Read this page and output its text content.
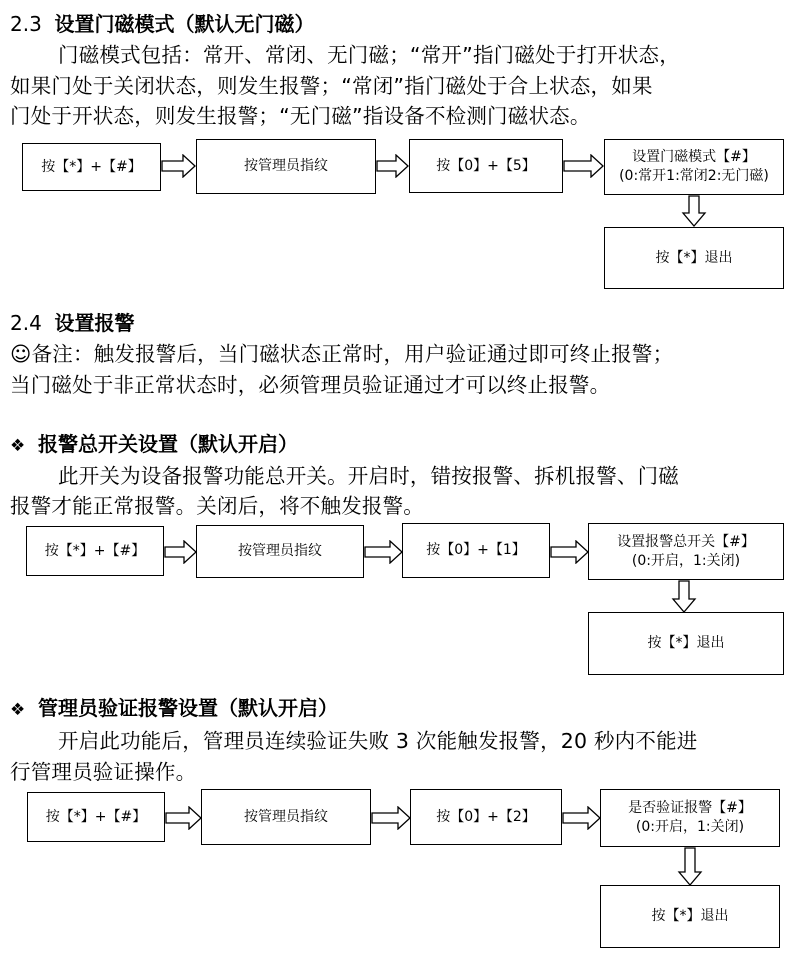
2.3 设置门磁模式（默认无门磁）
门磁模式包括：常开、常闭、无门磁；“常开”指门磁处于打开状态，
如果门处于关闭状态，则发生报警；“常闭”指门磁处于合上状态，如果
门处于开状态，则发生报警；“无门磁”指设备不检测门磁状态。
按【*】+【#】	按管理员指纹	按【0】+【5】
设置门磁模式【#】
(0:常开1:常闭2:无门磁)
按【*】退出
2.4 设置报警
☺备注：触发报警后，当门磁状态正常时，用户验证通过即可终止报警；
当门磁处于非正常状态时，必须管理员验证通过才可以终止报警。
❖ 报警总开关设置（默认开启）
此开关为设备报警功能总开关。开启时，错按报警、拆机报警、门磁
报警才能正常报警。关闭后，将不触发报警。
按【*】+【#】	按管理员指纹	按【0】+【1】
设置报警总开关【#】
(0:开启，1:关闭)
按【*】退出
❖ 管理员验证报警设置（默认开启）
开启此功能后，管理员连续验证失败 3 次能触发报警，20 秒内不能进
行管理员验证操作。
按【*】+【#】	按管理员指纹	按【0】+【2】
是否验证报警【#】
(0:开启，1:关闭)
按【*】退出
